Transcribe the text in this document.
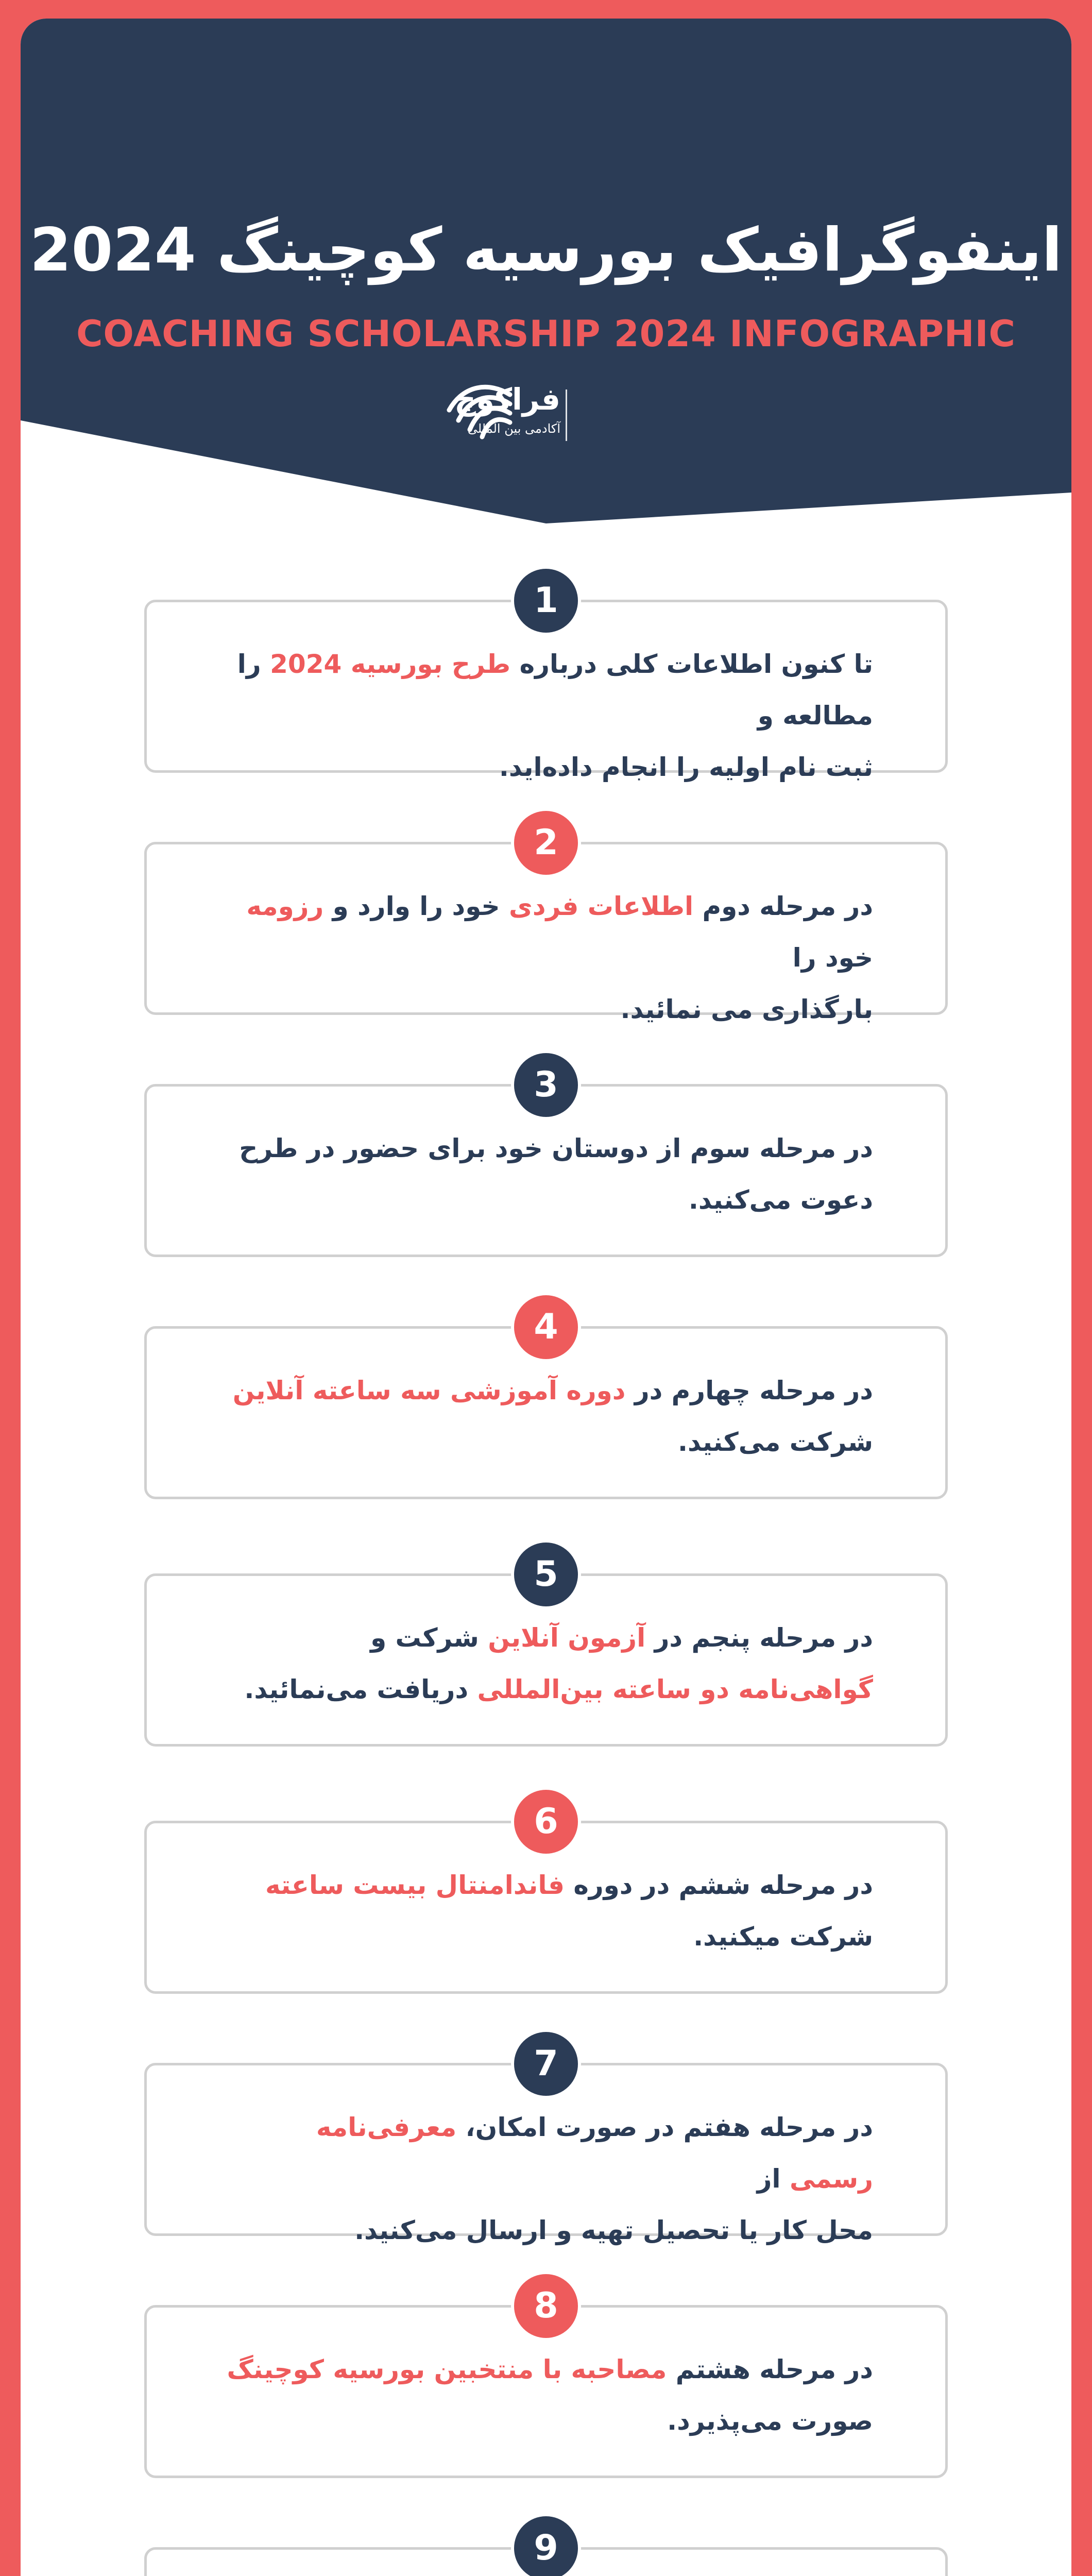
اینفوگرافیک بورسیه کوچینگ 2024
COACHING SCHOLARSHIP 2024 INFOGRAPHIC
فراکوچ
آکادمی بین المللی
تا کنون اطلاعات کلی درباره طرح بورسیه 2024 را مطالعه و
ثبت نام اولیه را انجام داده‌اید.
1
در مرحله دوم اطلاعات فردی خود را وارد و رزومه خود را
بارگذاری می نمائید.
2
در مرحله سوم از دوستان خود برای حضور در طرح
دعوت می‌کنید.
3
در مرحله چهارم در دوره آموزشی سه ساعته آنلاین
شرکت می‌کنید.
4
در مرحله پنجم در آزمون آنلاین شرکت و
گواهی‌نامه دو ساعته بین‌المللی دریافت می‌نمائید.
5
در مرحله ششم در دوره فاندامنتال بیست ساعته
شرکت میکنید.
6
در مرحله هفتم در صورت امکان، معرفی‌نامه رسمی از
محل کار یا تحصیل تهیه و ارسال می‌کنید.
7
در مرحله هشتم مصاحبه با منتخبین بورسیه کوچینگ
صورت می‌پذیرد.
8
9
